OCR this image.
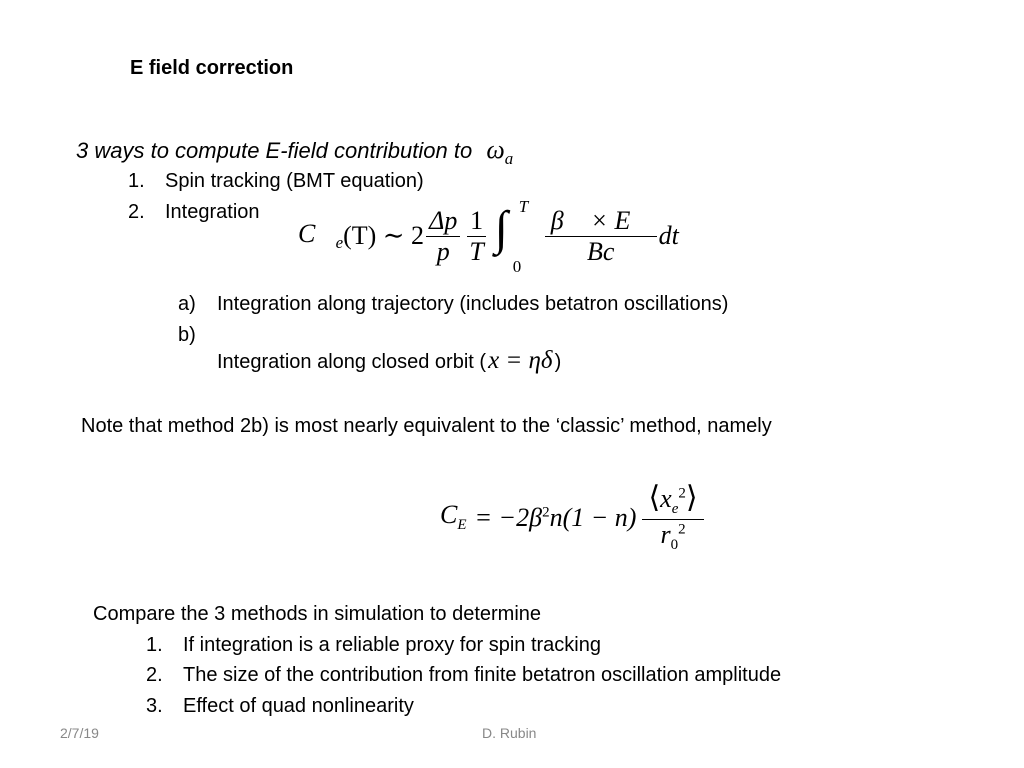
E field correction
3 ways to compute E-field contribution to $\omega_a$
1. Spin tracking (BMT equation)
2. Integration
$C⃗_e$ (T) ∼ $2 \frac{\Delta p}{p} \frac{1}{T}$ ∫ T
0
$\frac{\beta⃗ \times E⃗}{Bc}$ dt
a) Integration along trajectory (includes betatron oscillations)
b)
Integration along closed orbit ( x = ηδ )
Note that method 2b) is most nearly equivalent to the ‘classic’ method, namely
$C_E = -2\beta^2n(1 - n) \frac{⟨x_e^2⟩}{r_0^2}$
Compare the 3 methods in simulation to determine
1. If integration is a reliable proxy for spin tracking
2. The size of the contribution from finite betatron oscillation amplitude
3. Effect of quad nonlinearity
2/7/19	D. Rubin
